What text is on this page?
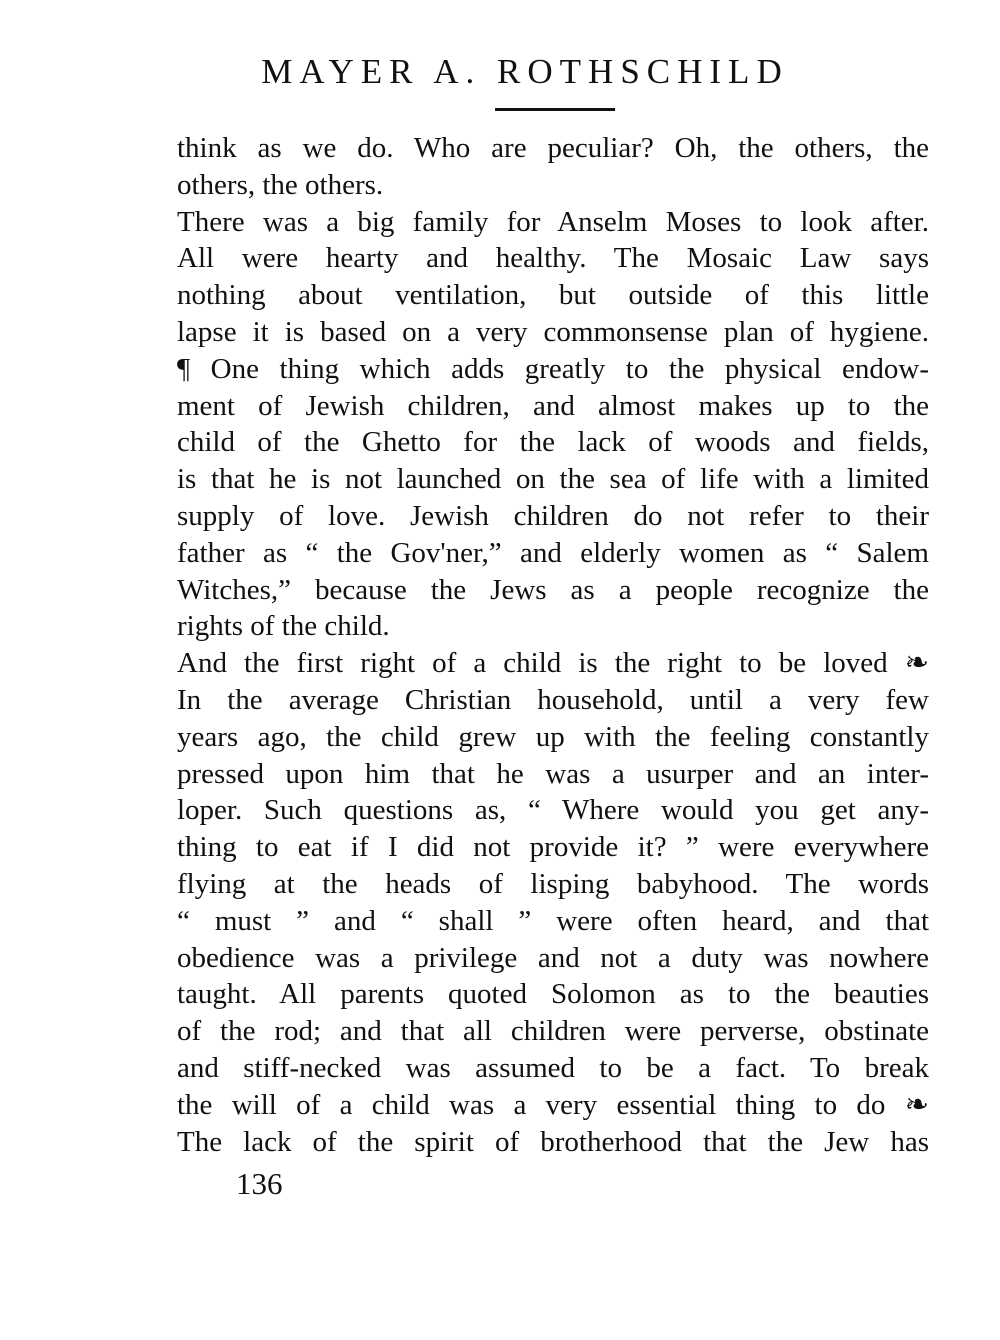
MAYER A. ROTHSCHILD
think as we do. Who are peculiar? Oh, the others, the
others, the others.
There was a big family for Anselm Moses to look after.
All were hearty and healthy. The Mosaic Law says
nothing about ventilation, but outside of this little
lapse it is based on a very commonsense plan of hygiene.
¶ One thing which adds greatly to the physical endow-
ment of Jewish children, and almost makes up to the
child of the Ghetto for the lack of woods and fields,
is that he is not launched on the sea of life with a limited
supply of love. Jewish children do not refer to their
father as “ the Gov'ner,” and elderly women as “ Salem
Witches,” because the Jews as a people recognize the
rights of the child.
And the first right of a child is the right to be loved ❧
In the average Christian household, until a very few
years ago, the child grew up with the feeling constantly
pressed upon him that he was a usurper and an inter-
loper. Such questions as, “ Where would you get any-
thing to eat if I did not provide it? ” were everywhere
flying at the heads of lisping babyhood. The words
“ must ” and “ shall ” were often heard, and that
obedience was a privilege and not a duty was nowhere
taught. All parents quoted Solomon as to the beauties
of the rod; and that all children were perverse, obstinate
and stiff-necked was assumed to be a fact. To break
the will of a child was a very essential thing to do ❧
The lack of the spirit of brotherhood that the Jew has
136
